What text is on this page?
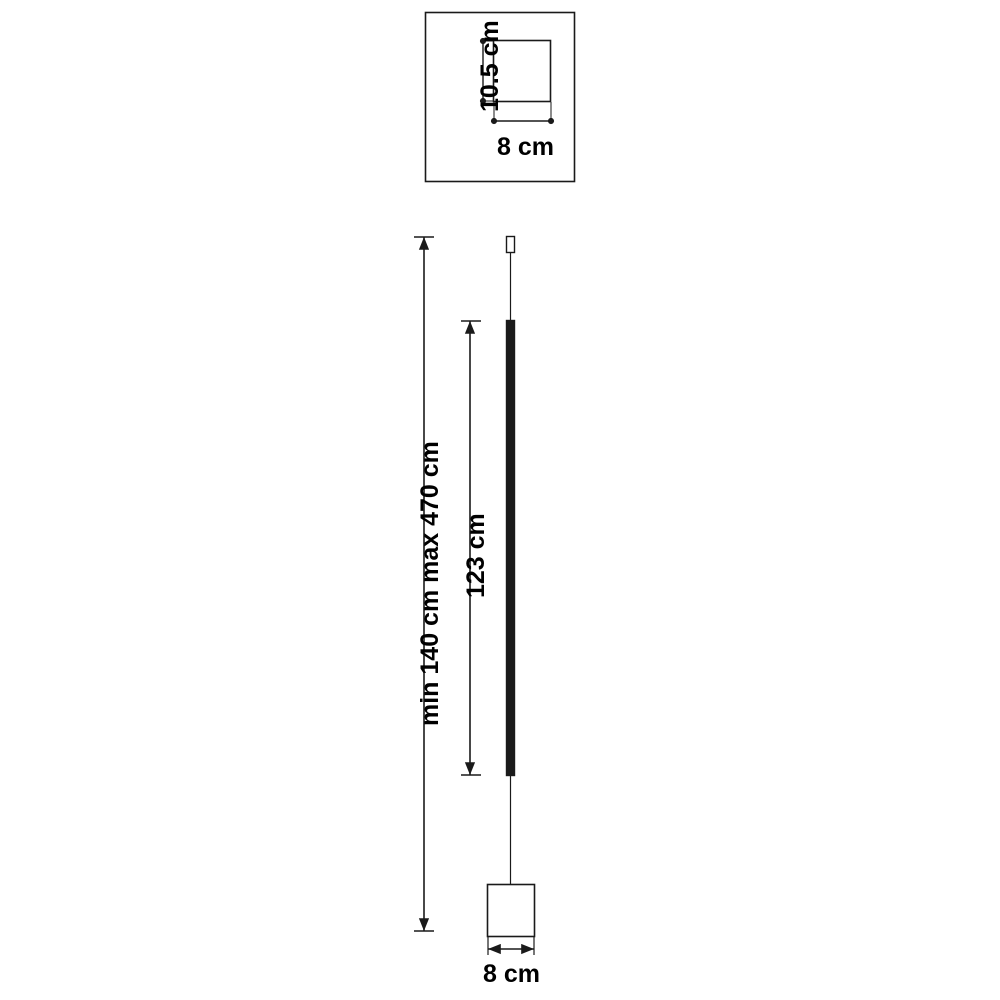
10.5 cm
8 cm
min 140 cm max 470 cm 123 cm
8 cm
